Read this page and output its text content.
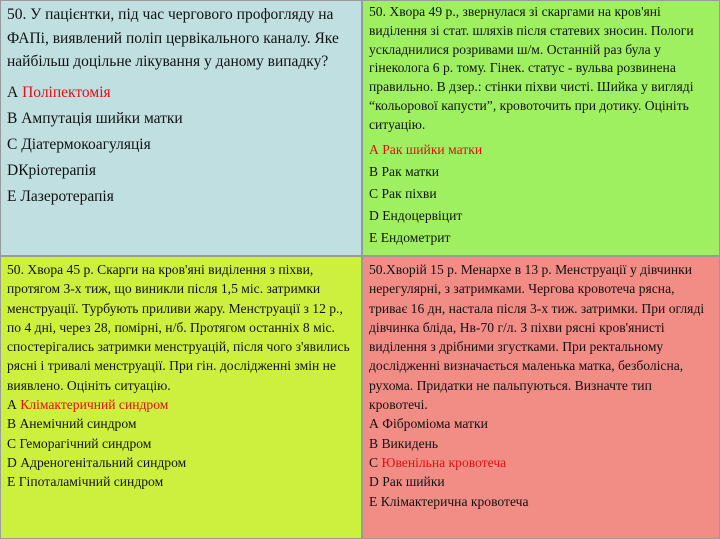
50. У пацієнтки, під час чергового профогляду на ФАПі, виявлений поліп цервікального каналу. Яке найбільш доцільне лікування у даному випадку?

А Поліпектомія

В Ампутація шийки матки

С Діатермокоагуляція

DКріотерапія

Е Лазеротерапія

50. Хвора 49 р., звернулася зі скаргами на кров'яні виділення зі стат. шляхів після статевих зносин. Пологи ускладнилися розривами ш/м. Останній раз була у гінеколога 6 р. тому. Гінек. статус - вульва розвинена правильно. В дзер.: стінки піхви чисті. Шийка у вигляді “кольорової капусти”, кровоточить при дотику. Оцініть ситуацію.

А Рак шийки матки

В Рак матки

С Рак піхви

D Ендоцервіцит

Е Ендометрит

50. Хвора 45 р. Скарги на кров'яні виділення з піхви, протягом 3-х тиж, що виникли після 1,5 міс. затримки менструації. Турбують приливи жару. Менструації з 12 р., по 4 дні, через 28, помірні, н/б. Протягом останніх 8 міс. спостерігались затримки менструацій, після чого з'явились рясні і тривалі менструації. При гін. дослідженні змін не виявлено. Оцініть ситуацію.

А Клімактеричний синдром

В Анемічний синдром

С Геморагічний синдром

D Адреногенітальний синдром

Е Гіпоталамічний синдром

50.Хворій 15 р. Менархе в 13 р. Менструації у дівчинки нерегулярні, з затримками. Чергова кровотеча рясна, триває 16 дн, настала після 3-х тиж. затримки. При огляді дівчинка бліда, Нв-70 г/л. З піхви рясні кров'янисті виділення з дрібними згустками. При ректальному дослідженні визначається маленька матка, безболісна, рухома. Придатки не пальпуються. Визначте тип кровотечі.

А Фіброміома матки

В Викидень

С Ювенільна кровотеча

D Рак шийки

Е Клімактерична кровотеча
